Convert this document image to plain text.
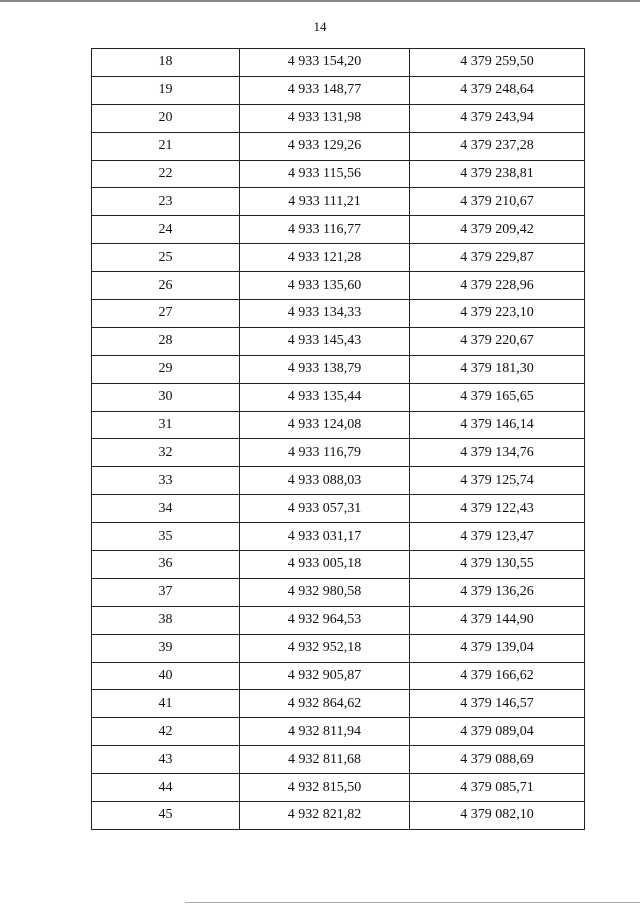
14
18	4 933 154,20	4 379 259,50
19	4 933 148,77	4 379 248,64
20	4 933 131,98	4 379 243,94
21	4 933 129,26	4 379 237,28
22	4 933 115,56	4 379 238,81
23	4 933 111,21	4 379 210,67
24	4 933 116,77	4 379 209,42
25	4 933 121,28	4 379 229,87
26	4 933 135,60	4 379 228,96
27	4 933 134,33	4 379 223,10
28	4 933 145,43	4 379 220,67
29	4 933 138,79	4 379 181,30
30	4 933 135,44	4 379 165,65
31	4 933 124,08	4 379 146,14
32	4 933 116,79	4 379 134,76
33	4 933 088,03	4 379 125,74
34	4 933 057,31	4 379 122,43
35	4 933 031,17	4 379 123,47
36	4 933 005,18	4 379 130,55
37	4 932 980,58	4 379 136,26
38	4 932 964,53	4 379 144,90
39	4 932 952,18	4 379 139,04
40	4 932 905,87	4 379 166,62
41	4 932 864,62	4 379 146,57
42	4 932 811,94	4 379 089,04
43	4 932 811,68	4 379 088,69
44	4 932 815,50	4 379 085,71
45	4 932 821,82	4 379 082,10
